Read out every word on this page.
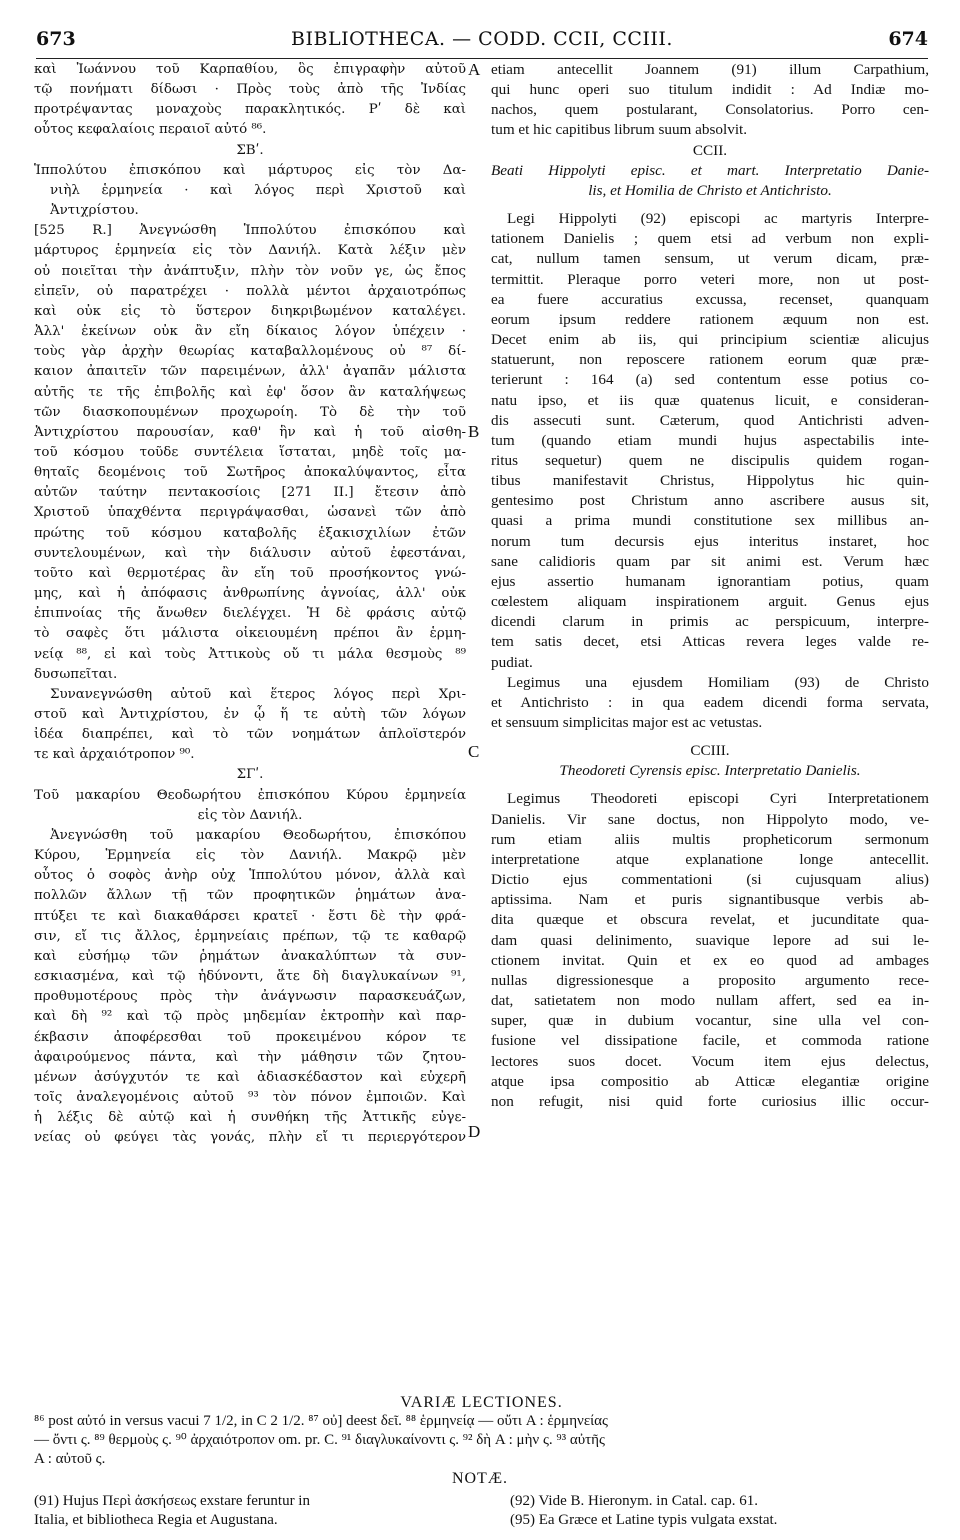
673	BIBLIOTHECA. — CODD. CCII, CCIII.	674
καὶ Ἰωάννου τοῦ Καρπαθίου, ὃς ἐπιγραφὴν αὐτοῦ
τῷ πονήματι δίδωσι · Πρὸς τοὺς ἀπὸ τῆς Ἰνδίας
προτρέψαντας μοναχοὺς παρακλητικός. Ρʹ δὲ καὶ
οὗτος κεφαλαίοις περαιοῖ αὐτό ⁸⁶.
ΣΒʹ.
Ἱππολύτου ἐπισκόπου καὶ μάρτυρος εἰς τὸν Δα-
νιὴλ ἑρμηνεία · καὶ λόγος περὶ Χριστοῦ καὶ
Ἀντιχρίστου.
[525 R.] Ἀνεγνώσθη Ἱππολύτου ἐπισκόπου καὶ
μάρτυρος ἑρμηνεία εἰς τὸν Δανιήλ. Κατὰ λέξιν μὲν
οὐ ποιεῖται τὴν ἀνάπτυξιν, πλὴν τὸν νοῦν γε, ὡς ἔπος
εἰπεῖν, οὐ παρατρέχει · πολλὰ μέντοι ἀρχαιοτρόπως
καὶ οὐκ εἰς τὸ ὕστερον διηκριβωμένον καταλέγει.
Ἀλλ' ἐκείνων οὐκ ἂν εἴη δίκαιος λόγον ὑπέχειν ·
τοὺς γὰρ ἀρχὴν θεωρίας καταβαλλομένους οὐ ⁸⁷ δί-
καιον ἀπαιτεῖν τῶν παρειμένων, ἀλλ' ἀγαπᾶν μάλιστα
αὐτῆς τε τῆς ἐπιβολῆς καὶ ἐφ' ὅσον ἂν καταλήψεως
τῶν διασκοπουμένων προχωροίη. Τὸ δὲ τὴν τοῦ
Ἀντιχρίστου παρουσίαν, καθ' ἣν καὶ ἡ τοῦ αἰσθη-
τοῦ κόσμου τοῦδε συντέλεια ἵσταται, μηδὲ τοῖς μα-
θηταῖς δεομένοις τοῦ Σωτῆρος ἀποκαλύψαντος, εἶτα
αὐτῶν ταύτην πεντακοσίοις [271 II.] ἔτεσιν ἀπὸ
Χριστοῦ ὑπαχθέντα περιγράψασθαι, ὡσανεὶ τῶν ἀπὸ
πρώτης τοῦ κόσμου καταβολῆς ἑξακισχιλίων ἐτῶν
συντελουμένων, καὶ τὴν διάλυσιν αὐτοῦ ἐφεστάναι,
τοῦτο καὶ θερμοτέρας ἂν εἴη τοῦ προσήκοντος γνώ-
μης, καὶ ἡ ἀπόφασις ἀνθρωπίνης ἀγνοίας, ἀλλ' οὐκ
ἐπιπνοίας τῆς ἄνωθεν διελέγχει. Ἡ δὲ φράσις αὐτῷ
τὸ σαφὲς ὅτι μάλιστα οἰκειουμένη πρέποι ἂν ἑρμη-
νείᾳ ⁸⁸, εἰ καὶ τοὺς Ἀττικοὺς οὔ τι μάλα θεσμοὺς ⁸⁹
δυσωπεῖται.
Συνανεγνώσθη αὐτοῦ καὶ ἕτερος λόγος περὶ Χρι-
στοῦ καὶ Ἀντιχρίστου, ἐν ᾧ ἥ τε αὐτὴ τῶν λόγων
ἰδέα διαπρέπει, καὶ τὸ τῶν νοημάτων ἁπλοϊστερόν
τε καὶ ἀρχαιότροπον ⁹⁰.
ΣΓʹ.
Τοῦ μακαρίου Θεοδωρήτου ἐπισκόπου Κύρου ἑρμηνεία
εἰς τὸν Δανιήλ.
Ἀνεγνώσθη τοῦ μακαρίου Θεοδωρήτου, ἐπισκόπου
Κύρου, Ἑρμηνεία εἰς τὸν Δανιήλ. Μακρῷ μὲν
οὗτος ὁ σοφὸς ἀνὴρ οὐχ Ἱππολύτου μόνον, ἀλλὰ καὶ
πολλῶν ἄλλων τῇ τῶν προφητικῶν ῥημάτων ἀνα-
πτύξει τε καὶ διακαθάρσει κρατεῖ · ἔστι δὲ τὴν φρά-
σιν, εἴ τις ἄλλος, ἑρμηνείαις πρέπων, τῷ τε καθαρῷ
καὶ εὐσήμῳ τῶν ῥημάτων ἀνακαλύπτων τὰ συν-
εσκιασμένα, καὶ τῷ ἡδύνοντι, ἅτε δὴ διαγλυκαίνων ⁹¹,
προθυμοτέρους πρὸς τὴν ἀνάγνωσιν παρασκευάζων,
καὶ δὴ ⁹² καὶ τῷ πρὸς μηδεμίαν ἐκτροπὴν καὶ παρ-
έκβασιν ἀποφέρεσθαι τοῦ προκειμένου κόρον τε
ἀφαιρούμενος πάντα, καὶ τὴν μάθησιν τῶν ζητου-
μένων ἀσύγχυτόν τε καὶ ἀδιασκέδαστον καὶ εὐχερῆ
τοῖς ἀναλεγομένοις αὐτοῦ ⁹³ τὸν πόνον ἐμποιῶν. Καὶ
ἡ λέξις δὲ αὐτῷ καὶ ἡ συνθήκη τῆς Ἀττικῆς εὐγε-
νείας οὐ φεύγει τὰς γονάς, πλὴν εἴ τι περιεργότερον
etiam antecellit Joannem (91) illum Carpathium,
qui hunc operi suo titulum indidit : Ad Indiæ mo-
nachos, quem postularant, Consolatorius. Porro cen-
tum et hic capitibus librum suum absolvit.
CCII.
Beati Hippolyti episc. et mart. Interpretatio Danie-
lis, et Homilia de Christo et Antichristo.
Legi Hippolyti (92) episcopi ac martyris Interpre-
tationem Danielis ; quem etsi ad verbum non expli-
cat, nullum tamen sensum, ut verum dicam, præ-
termittit. Pleraque porro veteri more, non ut post-
ea fuere accuratius excussa, recenset, quanquam
eorum ipsum reddere rationem æquum non est.
Decet enim ab iis, qui principium scientiæ alicujus
statuerunt, non reposcere rationem eorum quæ præ-
terierunt : 164 (a) sed contentum esse potius co-
natu ipso, et iis quæ quatenus licuit, e consideran-
dis assecuti sunt. Cæterum, quod Antichristi adven-
tum (quando etiam mundi hujus aspectabilis inte-
ritus sequetur) quem ne discipulis quidem rogan-
tibus manifestavit Christus, Hippolytus hic quin-
gentesimo post Christum anno ascribere ausus sit,
quasi a prima mundi constitutione sex millibus an-
norum tum decursis ejus interitus instaret, hoc
sane calidioris quam par sit animi est. Verum hæc
ejus assertio humanam ignorantiam potius, quam
cœlestem aliquam inspirationem arguit. Genus ejus
dicendi clarum in primis ac perspicuum, interpre-
tem satis decet, etsi Atticas revera leges valde re-
pudiat.
Legimus una ejusdem Homiliam (93) de Christo
et Antichristo : in qua eadem dicendi forma servata,
et sensuum simplicitas major est ac vetustas.
CCIII.
Theodoreti Cyrensis episc. Interpretatio Danielis.
Legimus Theodoreti episcopi Cyri Interpretationem
Danielis. Vir sane doctus, non Hippolyto modo, ve-
rum etiam aliis multis propheticorum sermonum
interpretatione atque explanatione longe antecellit.
Dictio ejus commentationi (si cujusquam alius)
aptissima. Nam et puris signantibusque verbis ab-
dita quæque et obscura revelat, et jucunditate qua-
dam quasi delinimento, suavique lepore ad sui le-
ctionem invitat. Quin et ex eo quod ad ambages
nullas digressionesque a proposito argumento rece-
dat, satietatem non modo nullam affert, sed ea in-
super, quæ in dubium vocantur, sine ulla vel con-
fusione vel dissipatione facile, et commoda ratione
lectores suos docet. Vocum item ejus delectus,
atque ipsa compositio ab Atticæ elegantiæ origine
non refugit, nisi quid forte curiosius illic occur-
A
B
C
D
VARIÆ LECTIONES.
⁸⁶ post αὐτό in versus vacui 7 1/2, in C 2 1/2. ⁸⁷ οὐ] deest δεῖ. ⁸⁸ ἑρμηνείᾳ — οὔτι A : ἑρμηνείας
— ὄντι ς. ⁸⁹ θερμοὺς ς. ⁹⁰ ἀρχαιότροπον om. pr. C. ⁹¹ διαγλυκαίνοντι ς. ⁹² δὴ A : μὴν ς. ⁹³ αὐτῆς
A : αὐτοῦ ς.
NOTÆ.
(91) Hujus Περὶ ἀσκήσεως exstare feruntur in
Italia, et bibliotheca Regia et Augustana.
(92) Vide B. Hieronym. in Catal. cap. 61.
(95) Ea Græce et Latine typis vulgata exstat.
